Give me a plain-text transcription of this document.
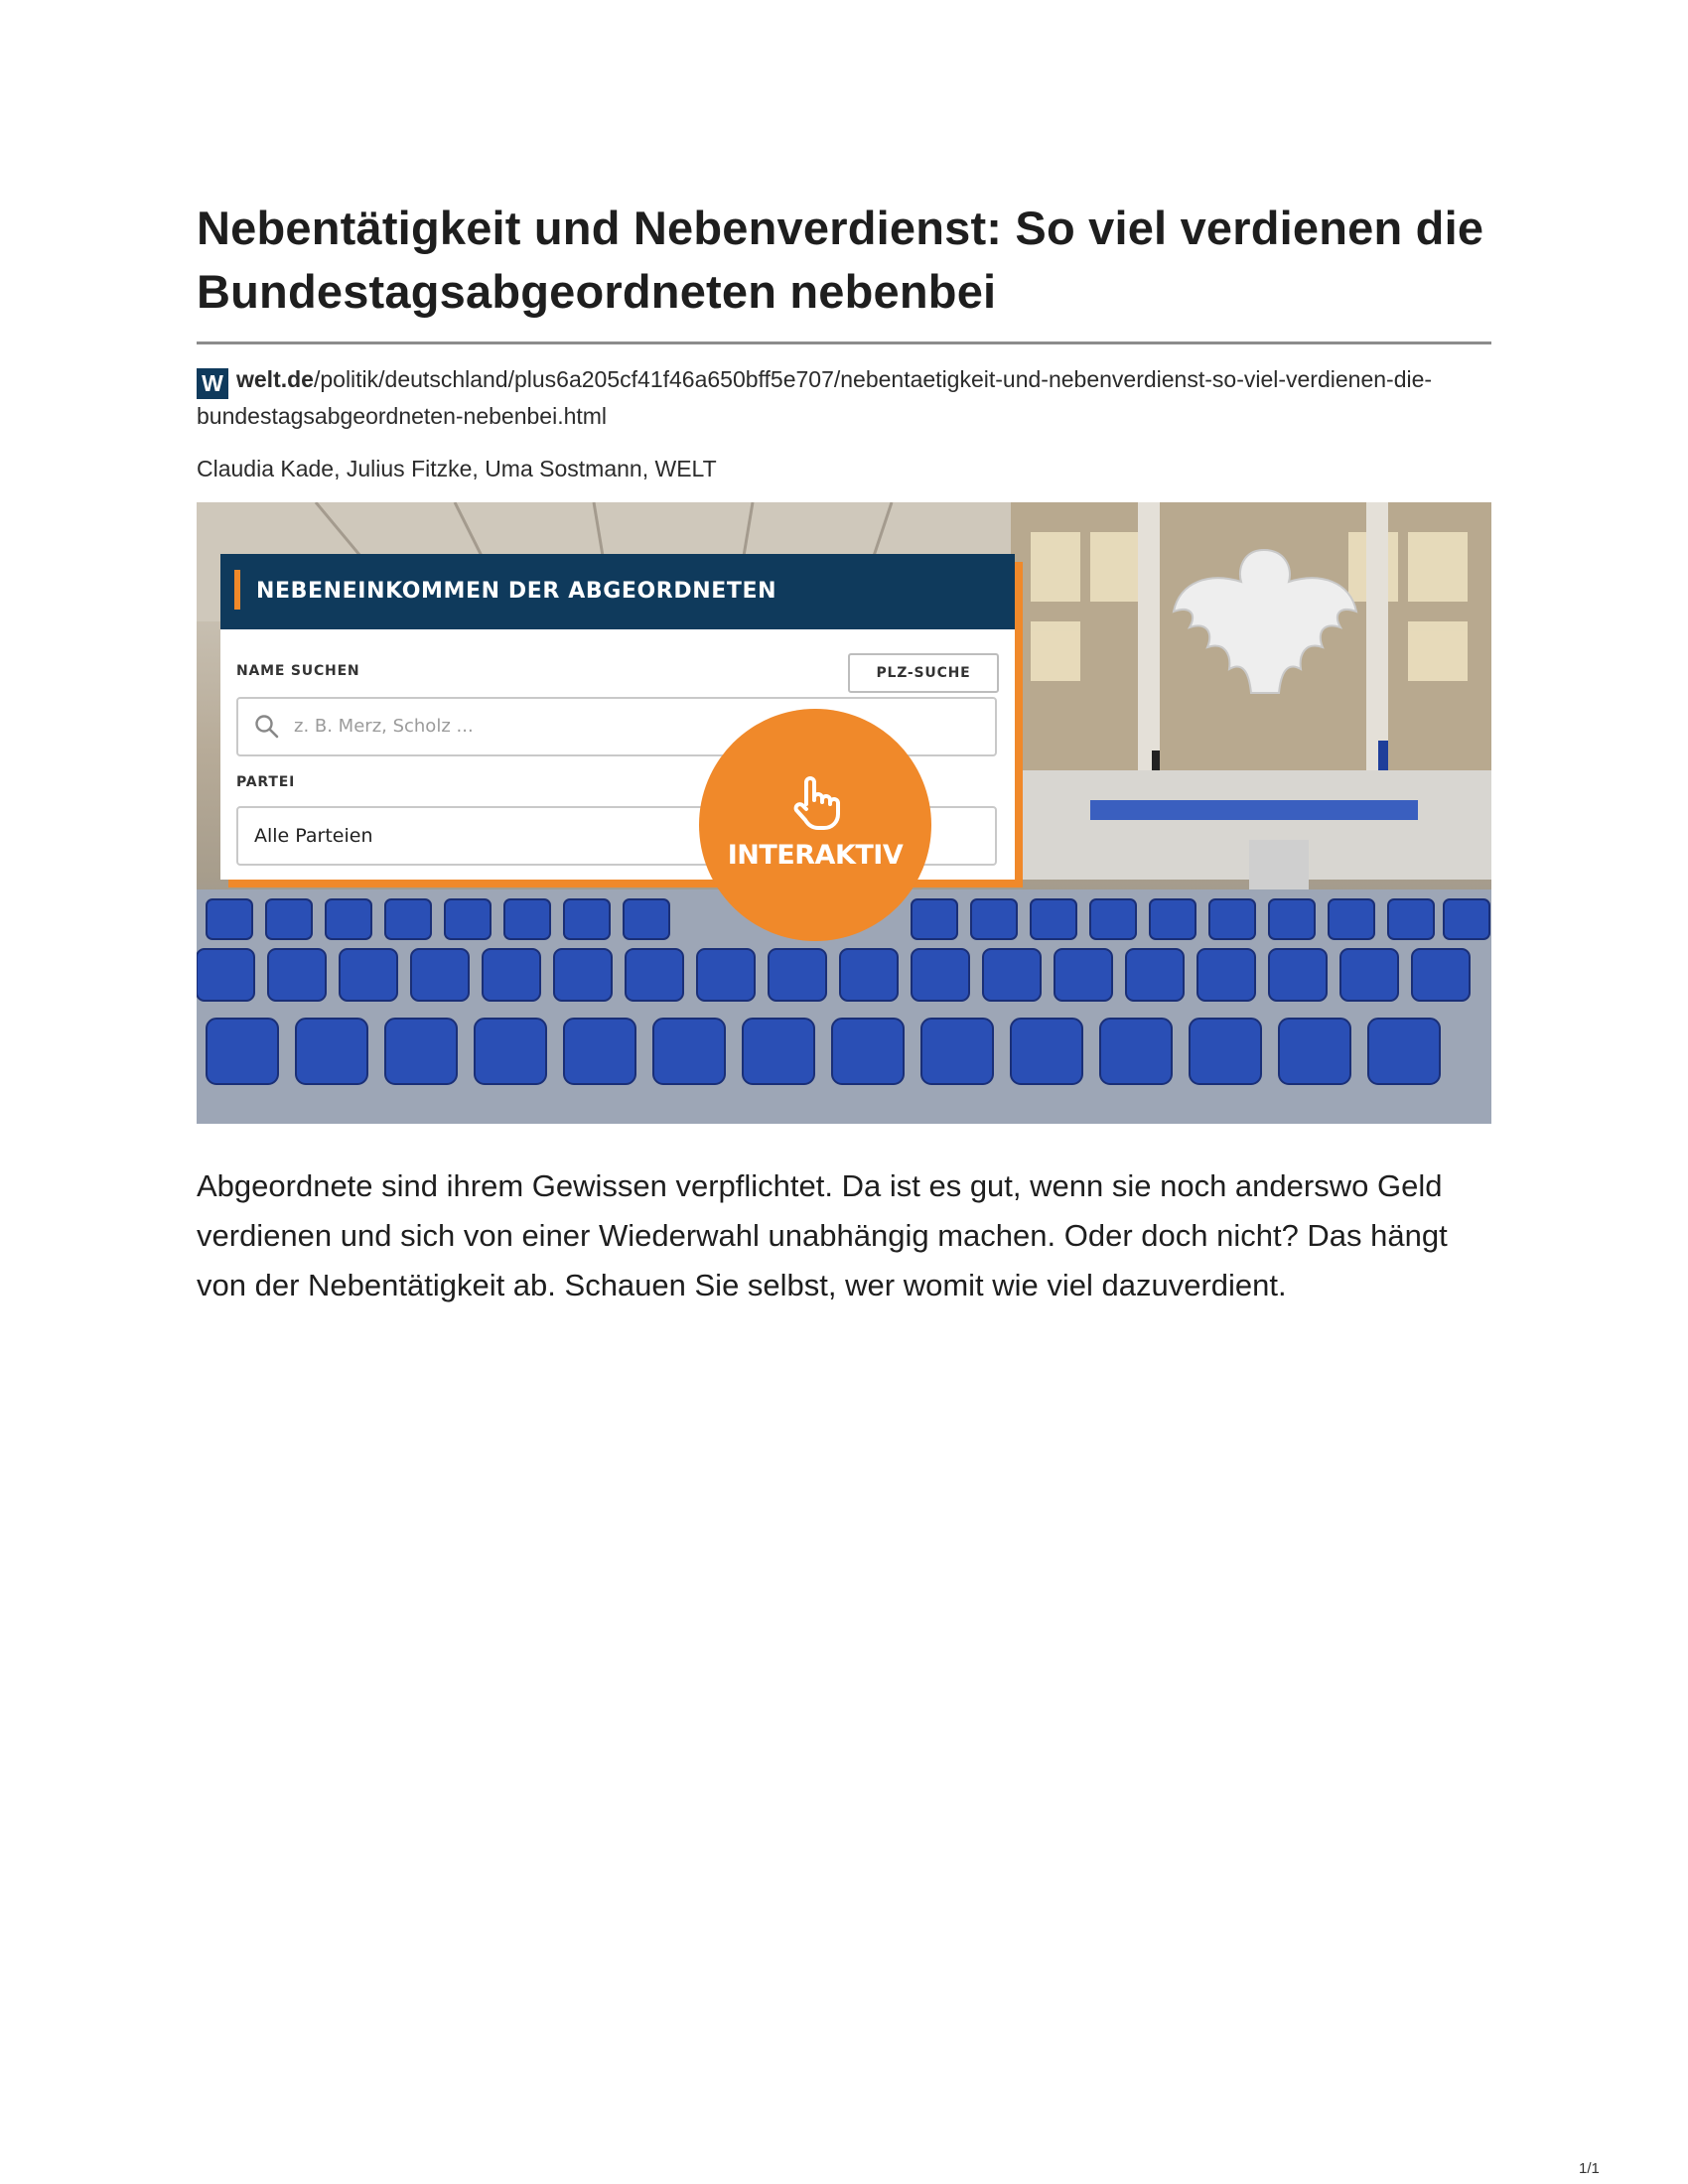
Nebentätigkeit und Nebenverdienst: So viel verdienen die Bundestagsabgeordneten nebenbei
W welt.de/politik/deutschland/plus6a205cf41f46a650bff5e707/nebentaetigkeit-und-nebenverdienst-so-viel-verdienen-die-bundestagsabgeordneten-nebenbei.html
Claudia Kade, Julius Fitzke, Uma Sostmann, WELT
NEBENEINKOMMEN DER ABGEORDNETEN
NAME SUCHEN	PLZ-SUCHE
z. B. Merz, Scholz ...
PARTEI
Alle Parteien
INTERAKTIV
Abgeordnete sind ihrem Gewissen verpflichtet. Da ist es gut, wenn sie noch anderswo Geld verdienen und sich von einer Wiederwahl unabhängig machen. Oder doch nicht? Das hängt von der Nebentätigkeit ab. Schauen Sie selbst, wer womit wie viel dazuverdient.
1/1
